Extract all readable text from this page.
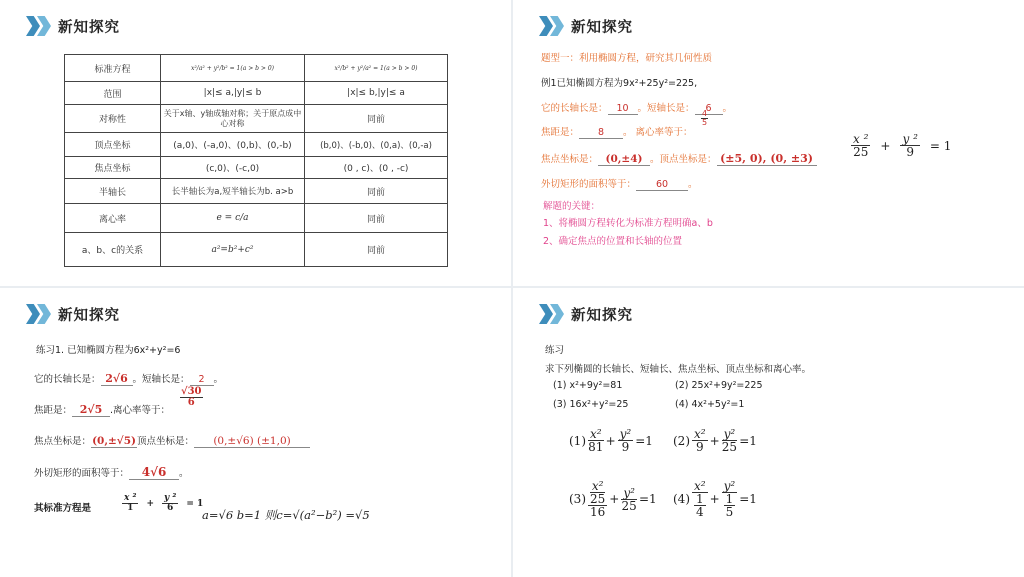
新知探究
标准方程	x²/a² + y²/b² = 1(a > b > 0)	x²/b² + y²/a² = 1(a > b > 0)
范围	|x|≤ a,|y|≤ b	|x|≤ b,|y|≤ a
对称性	关于x轴、y轴成轴对称；关于原点成中心对称	同前
顶点坐标	(a,0)、(-a,0)、(0,b)、(0,-b)	(b,0)、(-b,0)、(0,a)、(0,-a)
焦点坐标	(c,0)、(-c,0)	(0 , c)、(0 , -c)
半轴长	长半轴长为a,短半轴长为b. a>b	同前
离心率	e = c/a	同前
a、b、c的关系	a²=b²+c²	同前
新知探究
题型一：利用椭圆方程，研究其几何性质
例1已知椭圆方程为9x²+25y²=225,
它的长轴长是： 10 。短轴长是： 6 。
焦距是： 8 。 离心率等于：
$\frac{4}{5}$
焦点坐标是： (0,±4) 。顶点坐标是： (±5, 0), (0, ±3)
外切矩形的面积等于： 60 。
解题的关键：
1、将椭圆方程转化为标准方程明确a、b
2、确定焦点的位置和长轴的位置
$\frac{\text{x ²}}{25} + \frac{\text{y ²}}{9} = 1$
新知探究
练习1. 已知椭圆方程为6x²+y²=6
它的长轴长是： 2√6 。短轴长是： 2 。
焦距是： 2√5 .离心率等于：
$\frac{√30}{6}$
焦点坐标是：(0,±√5)顶点坐标是： (0,±√6) (±1,0)
外切矩形的面积等于： 4√6 。
其标准方程是	$\frac{\text{x ²}}{1} + \frac{\text{y ²}}{6} = 1$
a=√6 b=1 则c=√(a²−b²) =√5
新知探究
练习
求下列椭圆的长轴长、短轴长、焦点坐标、顶点坐标和离心率。
(1) x²+9y²=81	(2) 25x²+9y²=225
(3) 16x²+y²=25	(4) 4x²+5y²=1
$(1) \frac{\text{x²}}{81} + \frac{\text{y²}}{9} =1$ $(2) \frac{\text{x²}}{9} + \frac{\text{y²}}{25} =1$
$(3) \frac{\text{x²}}{\frac{25}{16}} + \frac{\text{y²}}{25} =1$ $(4) \frac{\text{x²}}{\frac{1}{4}} + \frac{\text{y²}}{\frac{1}{5}} =1$
